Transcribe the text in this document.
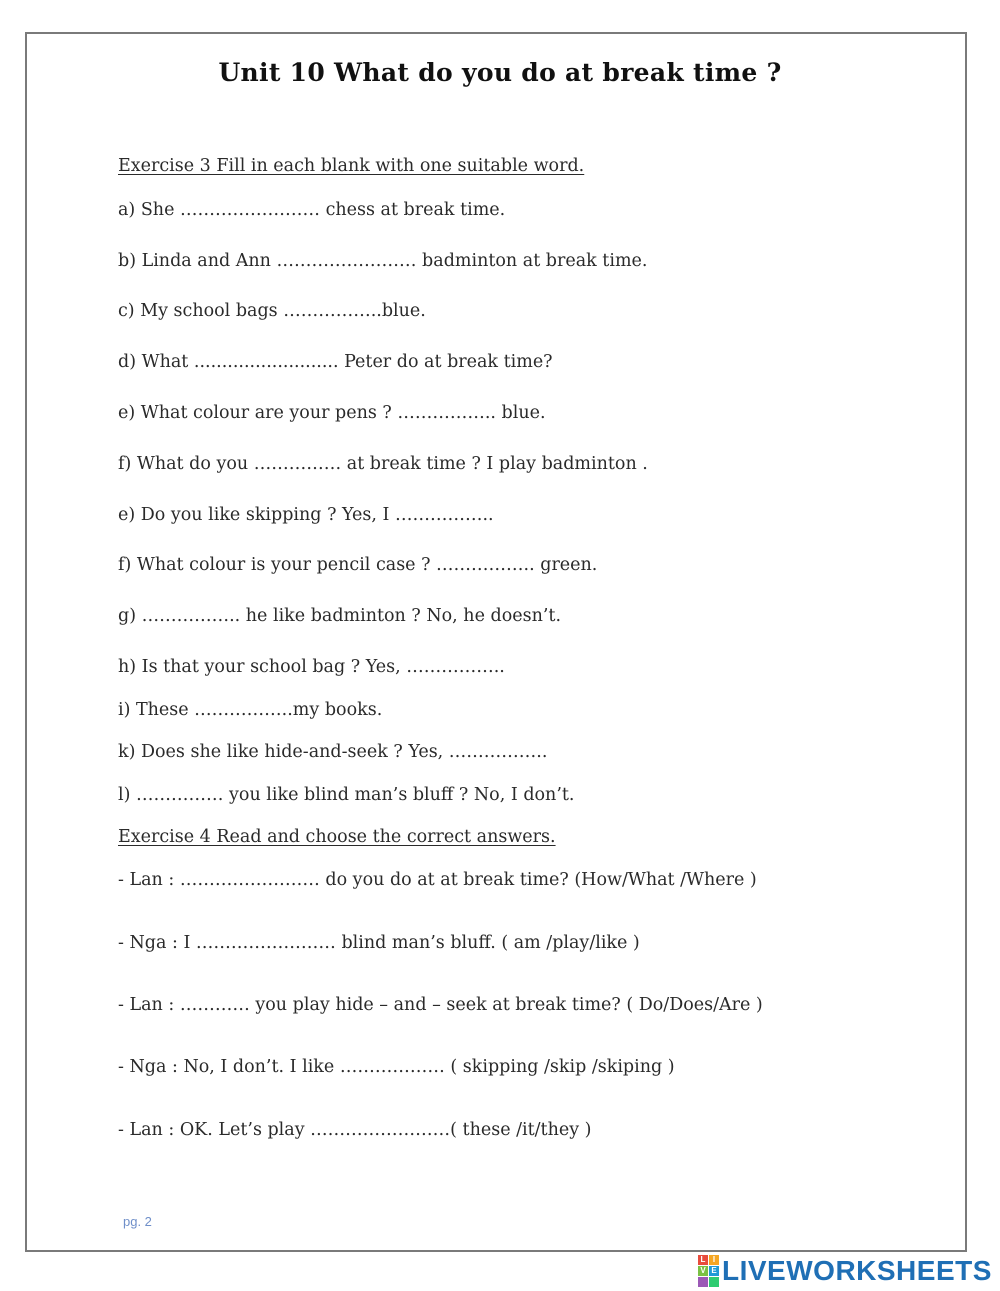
Unit 10 What do you do at break time ?
Exercise 3 Fill in each blank with one suitable word.
a) She …………………… chess at break time.
b) Linda and Ann …………………… badminton at break time.
c) My school bags ……………..blue.
d) What .......................... Peter do at break time?
e) What colour are your pens ? …………….. blue.
f) What do you …………… at break time ? I play badminton .
e) Do you like skipping ? Yes, I ……………..
f) What colour is your pencil case ? …………….. green.
g) …………….. he like badminton ? No, he doesn’t.
h) Is that your school bag ? Yes, ……………..
i) These ……………..my books.
k) Does she like hide-and-seek ? Yes, ……………..
l) …………… you like blind man’s bluff ? No, I don’t.
Exercise 4 Read and choose the correct answers.
- Lan : …………………… do you do at at break time? (How/What /Where )
- Nga : I …………………… blind man’s bluff. ( am /play/like )
- Lan : ………… you play hide – and – seek at break time? ( Do/Does/Are )
- Nga : No, I don’t. I like ……………… ( skipping /skip /skiping )
- Lan : OK. Let’s play ……………………( these /it/they )
pg. 2
L I
V E LIVEWORKSHEETS
